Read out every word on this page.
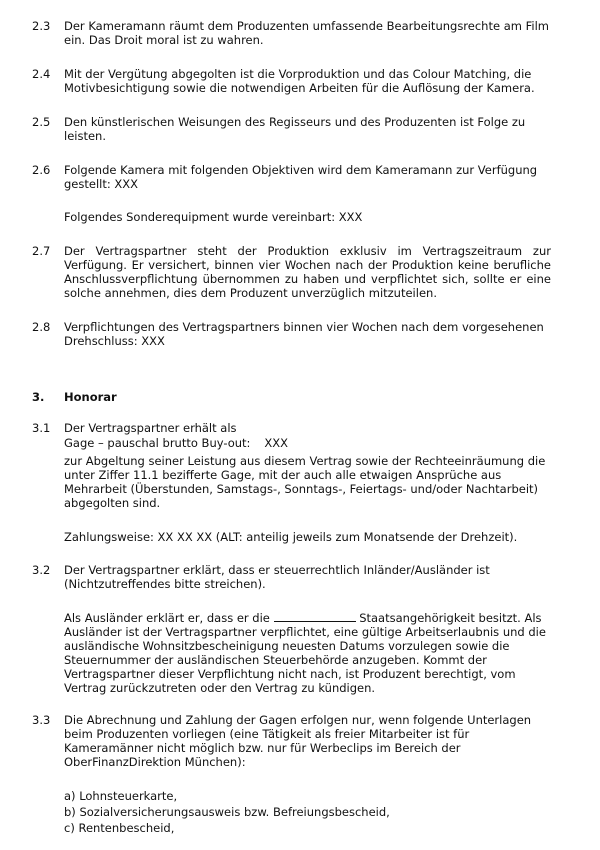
2.3 Der Kameramann räumt dem Produzenten umfassende Bearbeitungsrechte am Film ein. Das Droit moral ist zu wahren.

2.4 Mit der Vergütung abgegolten ist die Vorproduktion und das Colour Matching, die Motivbesichtigung sowie die notwendigen Arbeiten für die Auflösung der Kamera.

2.5 Den künstlerischen Weisungen des Regisseurs und des Produzenten ist Folge zu leisten.

2.6 Folgende Kamera mit folgenden Objektiven wird dem Kameramann zur Verfügung gestellt: XXX

Folgendes Sonderequipment wurde vereinbart: XXX

2.7 Der Vertragspartner steht der Produktion exklusiv im Vertragszeitraum zur Verfügung. Er versichert, binnen vier Wochen nach der Produktion keine berufliche Anschlussverpflichtung übernommen zu haben und verpflichtet sich, sollte er eine solche annehmen, dies dem Produzent unverzüglich mitzuteilen.

2.8 Verpflichtungen des Vertragspartners binnen vier Wochen nach dem vorgesehenen Drehschluss: XXX

3. Honorar
3.1 Der Vertragspartner erhält als

Gage – pauschal brutto Buy-out: XXX

zur Abgeltung seiner Leistung aus diesem Vertrag sowie der Rechteeinräumung die unter Ziffer 11.1 bezifferte Gage, mit der auch alle etwaigen Ansprüche aus Mehrarbeit (Überstunden, Samstags-, Sonntags-, Feiertags- und/oder Nachtarbeit) abgegolten sind.

Zahlungsweise: XX XX XX (ALT: anteilig jeweils zum Monatsende der Drehzeit).

3.2 Der Vertragspartner erklärt, dass er steuerrechtlich Inländer/Ausländer ist (Nichtzutreffendes bitte streichen).

Als Ausländer erklärt er, dass er die	Staatsangehörigkeit besitzt. Als Ausländer ist der Vertragspartner verpflichtet, eine gültige Arbeitserlaubnis und die ausländische Wohnsitzbescheinigung neuesten Datums vorzulegen sowie die Steuernummer der ausländischen Steuerbehörde anzugeben. Kommt der Vertragspartner dieser Verpflichtung nicht nach, ist Produzent berechtigt, vom Vertrag zurückzutreten oder den Vertrag zu kündigen.

3.3 Die Abrechnung und Zahlung der Gagen erfolgen nur, wenn folgende Unterlagen beim Produzenten vorliegen (eine Tätigkeit als freier Mitarbeiter ist für Kameramänner nicht möglich bzw. nur für Werbeclips im Bereich der OberFinanzDirektion München):

a) Lohnsteuerkarte,

b) Sozialversicherungsausweis bzw. Befreiungsbescheid,

c) Rentenbescheid,
